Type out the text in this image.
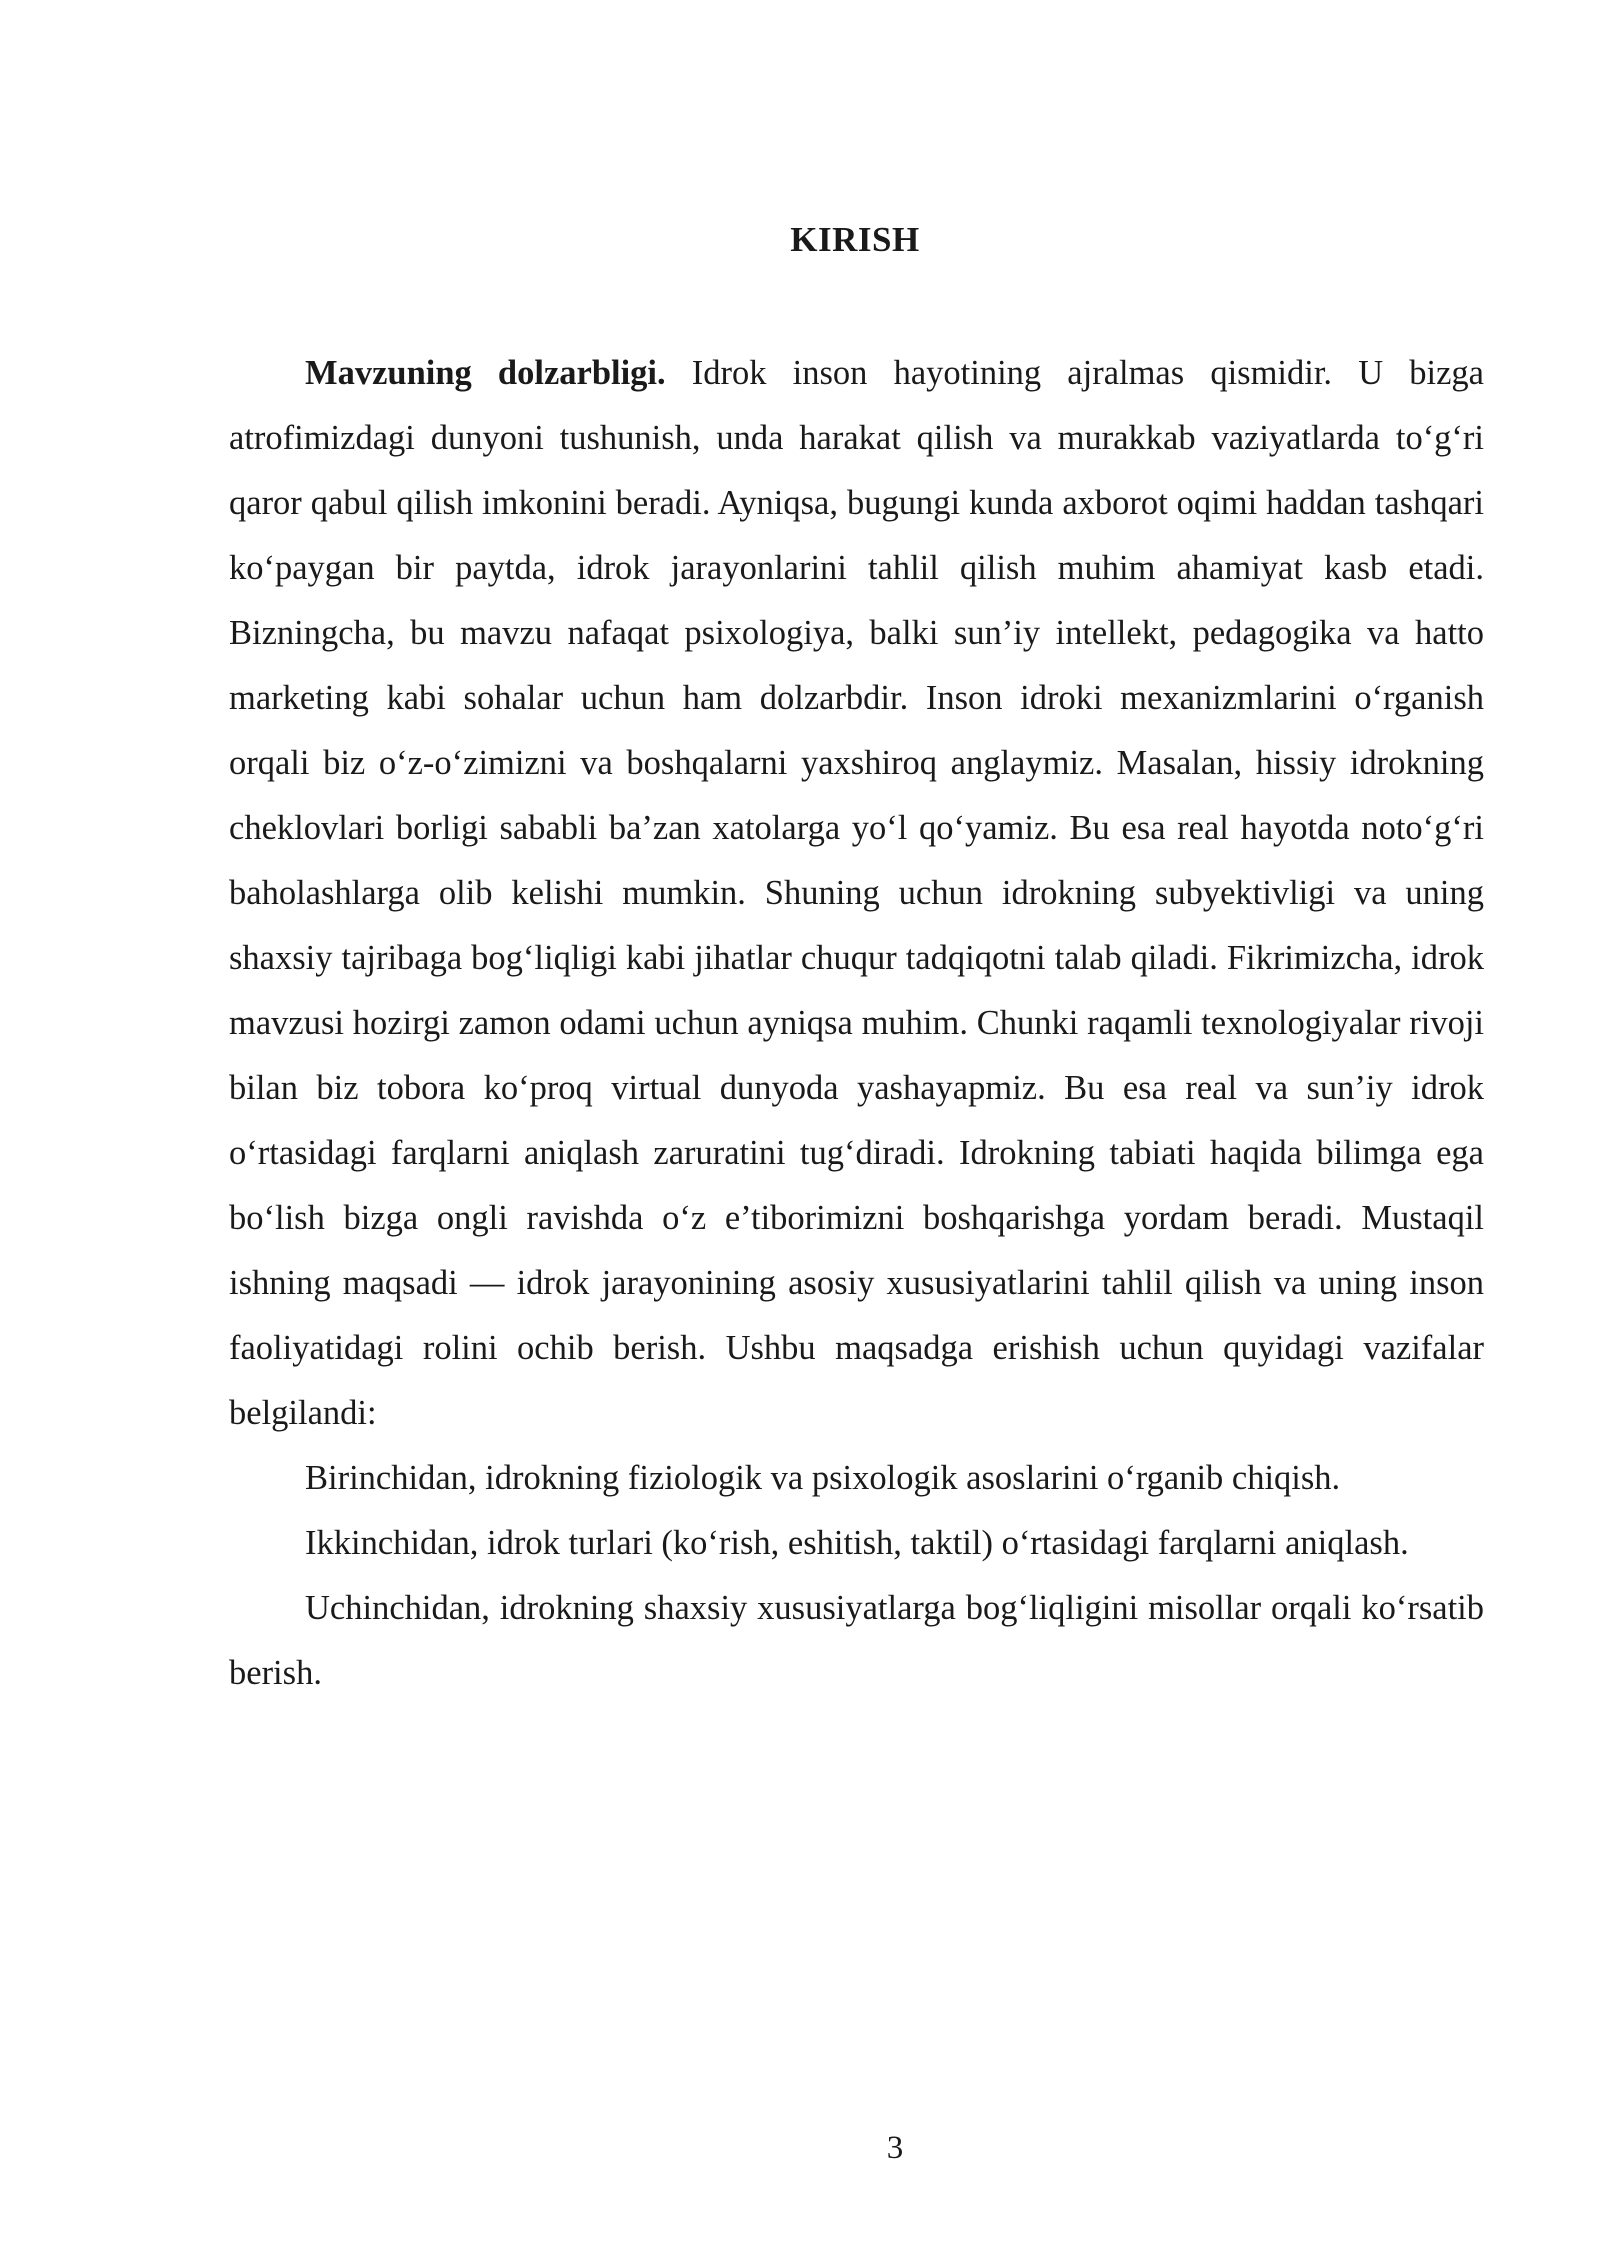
KIRISH

Mavzuning dolzarbligi. Idrok inson hayotining ajralmas qismidir. U bizga atrofimizdagi dunyoni tushunish, unda harakat qilish va murakkab vaziyatlarda to‘g‘ri qaror qabul qilish imkonini beradi. Ayniqsa, bugungi kunda axborot oqimi haddan tashqari ko‘paygan bir paytda, idrok jarayonlarini tahlil qilish muhim ahamiyat kasb etadi. Bizningcha, bu mavzu nafaqat psixologiya, balki sun’iy intellekt, pedagogika va hatto marketing kabi sohalar uchun ham dolzarbdir. Inson idroki mexanizmlarini o‘rganish orqali biz o‘z-o‘zimizni va boshqalarni yaxshiroq anglaymiz. Masalan, hissiy idrokning cheklovlari borligi sababli ba’zan xatolarga yo‘l qo‘yamiz. Bu esa real hayotda noto‘g‘ri baholashlarga olib kelishi mumkin. Shuning uchun idrokning subyektivligi va uning shaxsiy tajribaga bog‘liqligi kabi jihatlar chuqur tadqiqotni talab qiladi. Fikrimizcha, idrok mavzusi hozirgi zamon odami uchun ayniqsa muhim. Chunki raqamli texnologiyalar rivoji bilan biz tobora ko‘proq virtual dunyoda yashayapmiz. Bu esa real va sun’iy idrok o‘rtasidagi farqlarni aniqlash zaruratini tug‘diradi. Idrokning tabiati haqida bilimga ega bo‘lish bizga ongli ravishda o‘z e’tiborimizni boshqarishga yordam beradi. Mustaqil ishning maqsadi — idrok jarayonining asosiy xususiyatlarini tahlil qilish va uning inson faoliyatidagi rolini ochib berish. Ushbu maqsadga erishish uchun quyidagi vazifalar belgilandi:

Birinchidan, idrokning fiziologik va psixologik asoslarini o‘rganib chiqish.

Ikkinchidan, idrok turlari (ko‘rish, eshitish, taktil) o‘rtasidagi farqlarni aniqlash.

Uchinchidan, idrokning shaxsiy xususiyatlarga bog‘liqligini misollar orqali ko‘rsatib berish.

3
